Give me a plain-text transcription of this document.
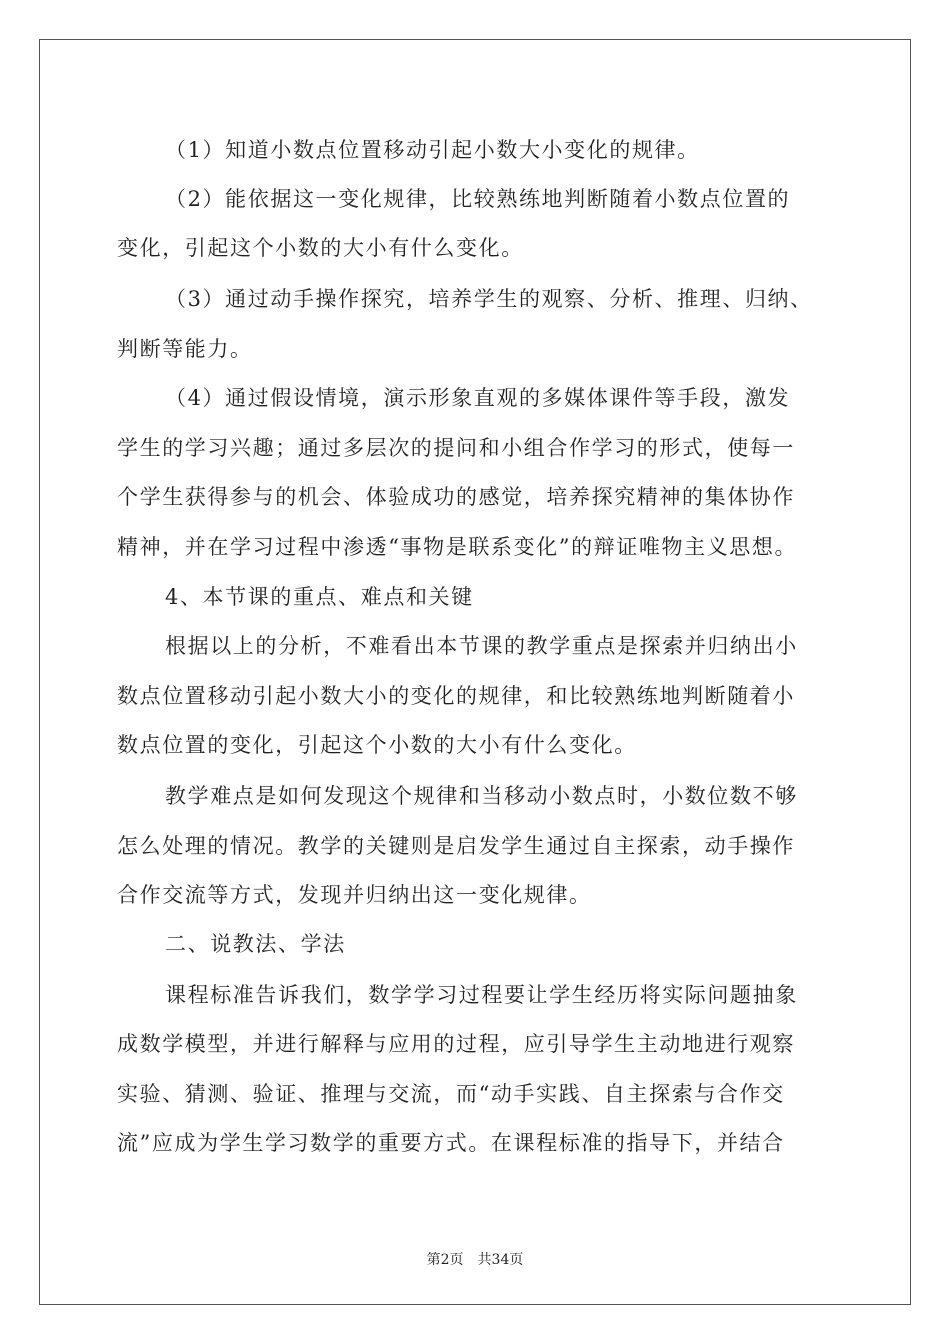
（1）知道小数点位置移动引起小数大小变化的规律。
（2）能依据这一变化规律，比较熟练地判断随着小数点位置的
变化，引起这个小数的大小有什么变化。
（3）通过动手操作探究，培养学生的观察、分析、推理、归纳、
判断等能力。
（4）通过假设情境，演示形象直观的多媒体课件等手段，激发
学生的学习兴趣；通过多层次的提问和小组合作学习的形式，使每一
个学生获得参与的机会、体验成功的感觉，培养探究精神的集体协作
精神，并在学习过程中渗透“事物是联系变化”的辩证唯物主义思想。
4、本节课的重点、难点和关键
根据以上的分析，不难看出本节课的教学重点是探索并归纳出小
数点位置移动引起小数大小的变化的规律，和比较熟练地判断随着小
数点位置的变化，引起这个小数的大小有什么变化。
教学难点是如何发现这个规律和当移动小数点时，小数位数不够
怎么处理的情况。教学的关键则是启发学生通过自主探索，动手操作
合作交流等方式，发现并归纳出这一变化规律。
二、说教法、学法
课程标准告诉我们，数学学习过程要让学生经历将实际问题抽象
成数学模型，并进行解释与应用的过程，应引导学生主动地进行观察
实验、猜测、验证、推理与交流，而“动手实践、自主探索与合作交
流”应成为学生学习数学的重要方式。在课程标准的指导下，并结合
第2页 共34页
